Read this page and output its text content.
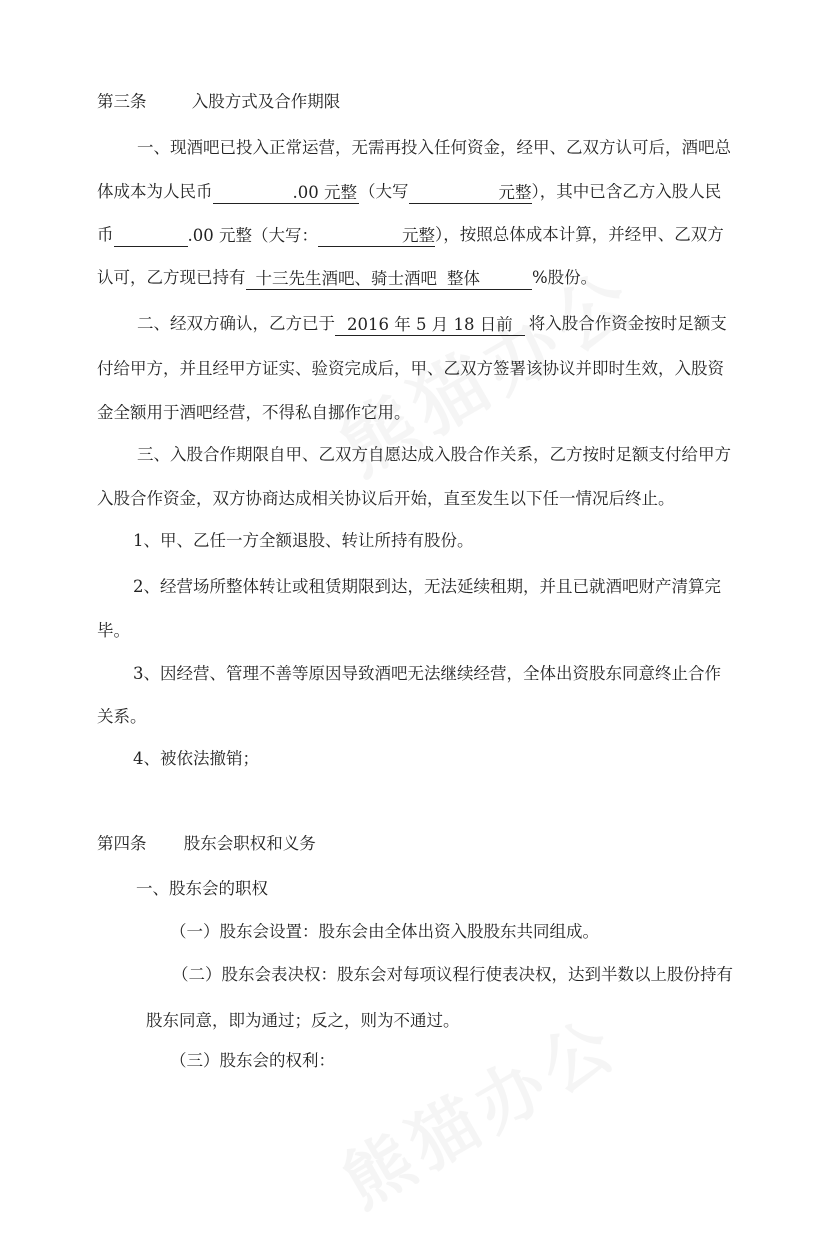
第三条	入股方式及合作期限
一、现酒吧已投入正常运营，无需再投入任何资金，经甲、乙双方认可后，酒吧总
体成本为人民币	.00 元整 （大写	元整），其中已含乙方入股人民
币	.00 元整（大写：	元整），按照总体成本计算，并经甲、乙双方
认可，乙方现已持有 十三先生酒吧、骑士酒吧 整体	%股份。
二、经双方确认，乙方已于 2016 年 5 月 18 日前 将入股合作资金按时足额支
付给甲方，并且经甲方证实、验资完成后，甲、乙双方签署该协议并即时生效，入股资
金全额用于酒吧经营，不得私自挪作它用。
三、入股合作期限自甲、乙双方自愿达成入股合作关系，乙方按时足额支付给甲方
入股合作资金，双方协商达成相关协议后开始，直至发生以下任一情况后终止。
1、甲、乙任一方全额退股、转让所持有股份。
2、经营场所整体转让或租赁期限到达，无法延续租期，并且已就酒吧财产清算完
毕。
3、因经营、管理不善等原因导致酒吧无法继续经营，全体出资股东同意终止合作
关系。
4、被依法撤销；
第四条 股东会职权和义务
一、股东会的职权
（一）股东会设置：股东会由全体出资入股股东共同组成。
（二）股东会表决权：股东会对每项议程行使表决权，达到半数以上股份持有
股东同意，即为通过；反之，则为不通过。
（三）股东会的权利：
